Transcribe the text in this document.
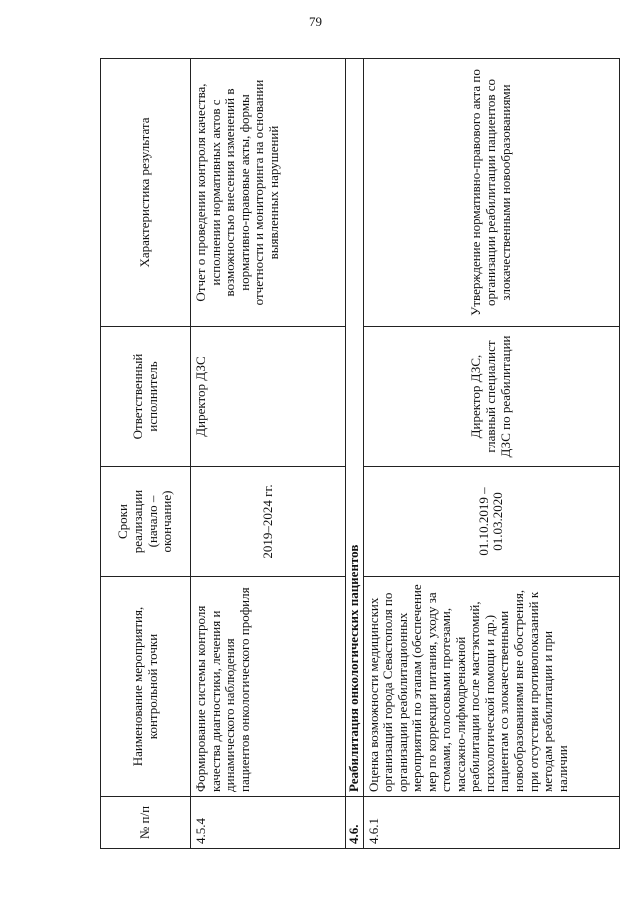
79
№ п/п	Наименование мероприятия, контрольной точки	Сроки реализации (начало – окончание)	Ответственный исполнитель	Характеристика результата
4.5.4	Формирование системы контроля качества диагностики, лечения и динамического наблюдения пациентов онкологического профиля	2019–2024 гг.	Директор ДЗС	Отчет о проведении контроля качества, исполнении нормативных актов с возможностью внесения изменений в нормативно-правовые акты, формы отчетности и мониторинга на основании выявленных нарушений
4.6.	Реабилитация онкологических пациентов			
4.6.1	Оценка возможности медицинских организаций города Севастополя по организации реабилитационных мероприятий по этапам (обеспечение мер по коррекции питания, уходу за стомами, голосовыми протезами, массажно-лифмодренажной реабилитации после мастэктомий, психологической помощи и др.) пациентам со злокачественными новообразованиями вне обострения, при отсутствии противопоказаний к методам реабилитации и при наличии	01.10.2019 – 01.03.2020	Директор ДЗС, главный специалист ДЗС по реабилитации	Утверждение нормативно-правового акта по организации реабилитации пациентов со злокачественными новообразованиями
